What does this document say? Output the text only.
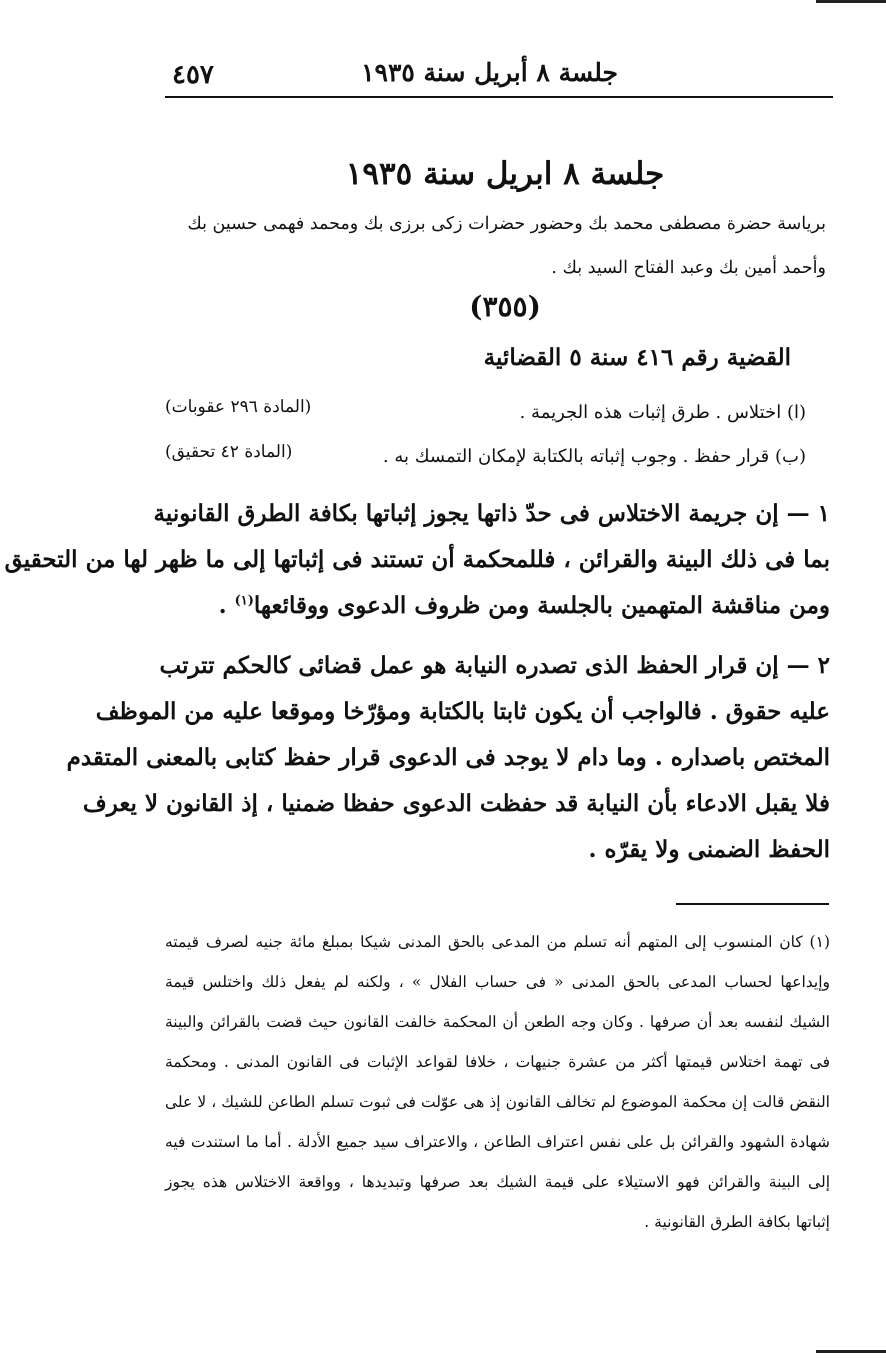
٤٥٧	جلسة ٨ أبريل سنة ١٩٣٥
جلسة ٨ ابريل سنة ١٩٣٥
برياسة حضرة مصطفى محمد بك وحضور حضرات زكى برزى بك ومحمد فهمى حسين بك
وأحمد أمين بك وعبد الفتاح السيد بك .
(٣٥٥)
القضية رقم ٤١٦ سنة ٥ القضائية
(ا) اختلاس . طرق إثبات هذه الجريمة .
(المادة ٢٩٦ عقوبات)
(ب) قرار حفظ . وجوب إثباته بالكتابة لإمكان التمسك به .
(المادة ٤٢ تحقيق)
١ — إن جريمة الاختلاس فى حدّ ذاتها يجوز إثباتها بكافة الطرق القانونية
بما فى ذلك البينة والقرائن ، فللمحكمة أن تستند فى إثباتها إلى ما ظهر لها من التحقيق
ومن مناقشة المتهمين بالجلسة ومن ظروف الدعوى ووقائعها$^{(١)}$ .
٢ — إن قرار الحفظ الذى تصدره النيابة هو عمل قضائى كالحكم تترتب
عليه حقوق . فالواجب أن يكون ثابتا بالكتابة ومؤرّخا وموقعا عليه من الموظف
المختص باصداره . وما دام لا يوجد فى الدعوى قرار حفظ كتابى بالمعنى المتقدم
فلا يقبل الادعاء بأن النيابة قد حفظت الدعوى حفظا ضمنيا ، إذ القانون لا يعرف
الحفظ الضمنى ولا يقرّه .
(١) كان المنسوب إلى المتهم أنه تسلم من المدعى بالحق المدنى شيكا بمبلغ مائة جنيه لصرف قيمته
وإيداعها لحساب المدعى بالحق المدنى « فى حساب الفلال » ، ولكنه لم يفعل ذلك واختلس قيمة
الشيك لنفسه بعد أن صرفها . وكان وجه الطعن أن المحكمة خالفت القانون حيث قضت بالقرائن والبينة
فى تهمة اختلاس قيمتها أكثر من عشرة جنيهات ، خلافا لقواعد الإثبات فى القانون المدنى . ومحكمة
النقض قالت إن محكمة الموضوع لم تخالف القانون إذ هى عوّلت فى ثبوت تسلم الطاعن للشيك ، لا على
شهادة الشهود والقرائن بل على نفس اعتراف الطاعن ، والاعتراف سيد جميع الأدلة . أما ما استندت فيه
إلى البينة والقرائن فهو الاستيلاء على قيمة الشيك بعد صرفها وتبديدها ، وواقعة الاختلاس هذه يجوز
إثباتها بكافة الطرق القانونية .
